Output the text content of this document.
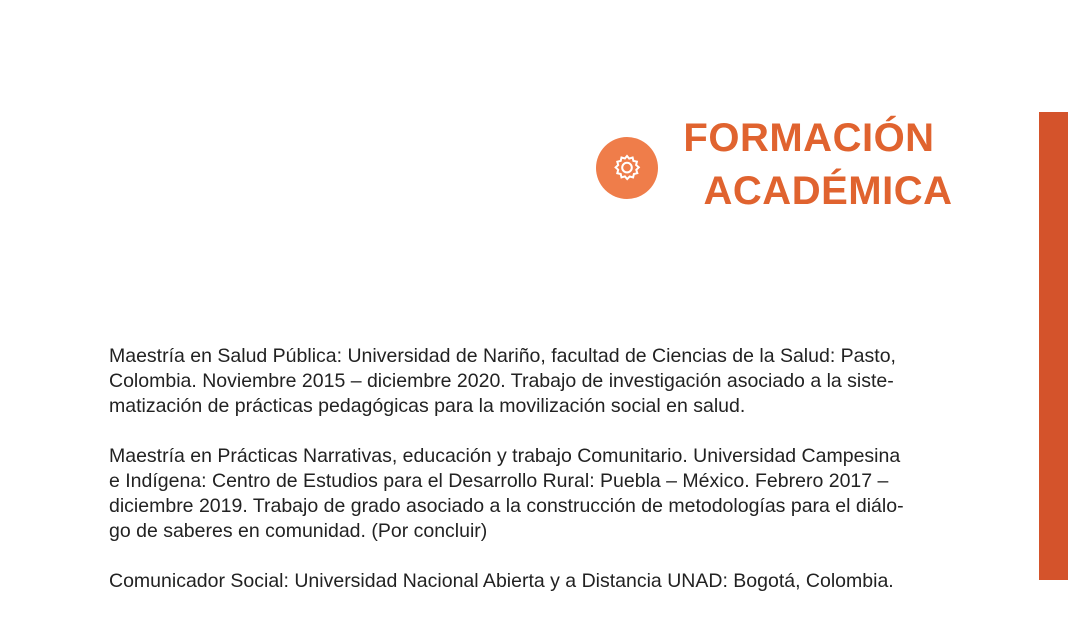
FORMACIÓN
ACADÉMICA

Maestría en Salud Pública: Universidad de Nariño, facultad de Ciencias de la Salud: Pasto,
Colombia. Noviembre 2015 – diciembre 2020. Trabajo de investigación asociado a la siste-
matización de prácticas pedagógicas para la movilización social en salud.

Maestría en Prácticas Narrativas, educación y trabajo Comunitario. Universidad Campesina
e Indígena: Centro de Estudios para el Desarrollo Rural: Puebla – México. Febrero 2017 –
diciembre 2019. Trabajo de grado asociado a la construcción de metodologías para el diálo-
go de saberes en comunidad. (Por concluir)

Comunicador Social: Universidad Nacional Abierta y a Distancia UNAD: Bogotá, Colombia.
